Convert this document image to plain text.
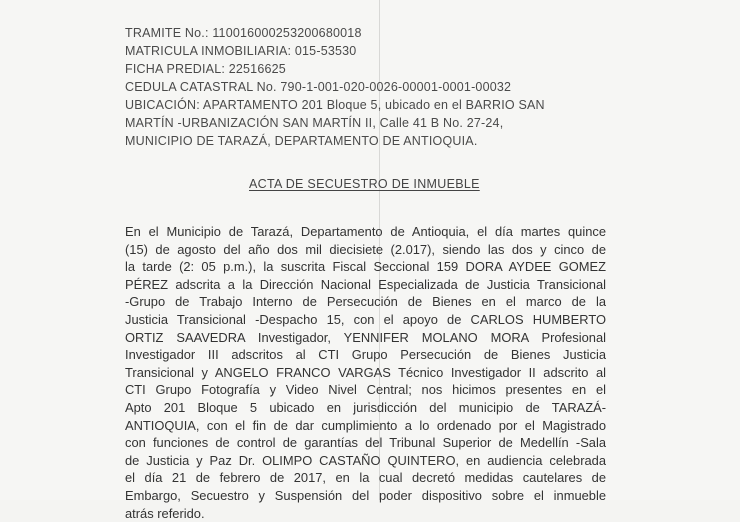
TRAMITE No.: 110016000253200680018
MATRICULA INMOBILIARIA: 015-53530
FICHA PREDIAL: 22516625
CEDULA CATASTRAL No. 790-1-001-020-0026-00001-0001-00032
UBICACIÓN: APARTAMENTO 201 Bloque 5, ubicado en el BARRIO SAN
MARTÍN -URBANIZACIÓN SAN MARTÍN II, Calle 41 B No. 27-24,
MUNICIPIO DE TARAZÁ, DEPARTAMENTO DE ANTIOQUIA.
ACTA DE SECUESTRO DE INMUEBLE
En el Municipio de Tarazá, Departamento de Antioquia, el día martes quince
(15) de agosto del año dos mil diecisiete (2.017), siendo las dos y cinco de
la tarde (2: 05 p.m.), la suscrita Fiscal Seccional 159 DORA AYDEE GOMEZ
PÉREZ adscrita a la Dirección Nacional Especializada de Justicia Transicional
-Grupo de Trabajo Interno de Persecución de Bienes en el marco de la
Justicia Transicional -Despacho 15, con el apoyo de CARLOS HUMBERTO
ORTIZ SAAVEDRA Investigador, YENNIFER MOLANO MORA Profesional
Investigador III adscritos al CTI Grupo Persecución de Bienes Justicia
Transicional y ANGELO FRANCO VARGAS Técnico Investigador II adscrito al
CTI Grupo Fotografía y Video Nivel Central; nos hicimos presentes en el
Apto 201 Bloque 5 ubicado en jurisdicción del municipio de TARAZÁ-
ANTIOQUIA, con el fin de dar cumplimiento a lo ordenado por el Magistrado
con funciones de control de garantías del Tribunal Superior de Medellín -Sala
de Justicia y Paz Dr. OLIMPO CASTAÑO QUINTERO, en audiencia celebrada
el día 21 de febrero de 2017, en la cual decretó medidas cautelares de
Embargo, Secuestro y Suspensión del poder dispositivo sobre el inmueble
atrás referido.
